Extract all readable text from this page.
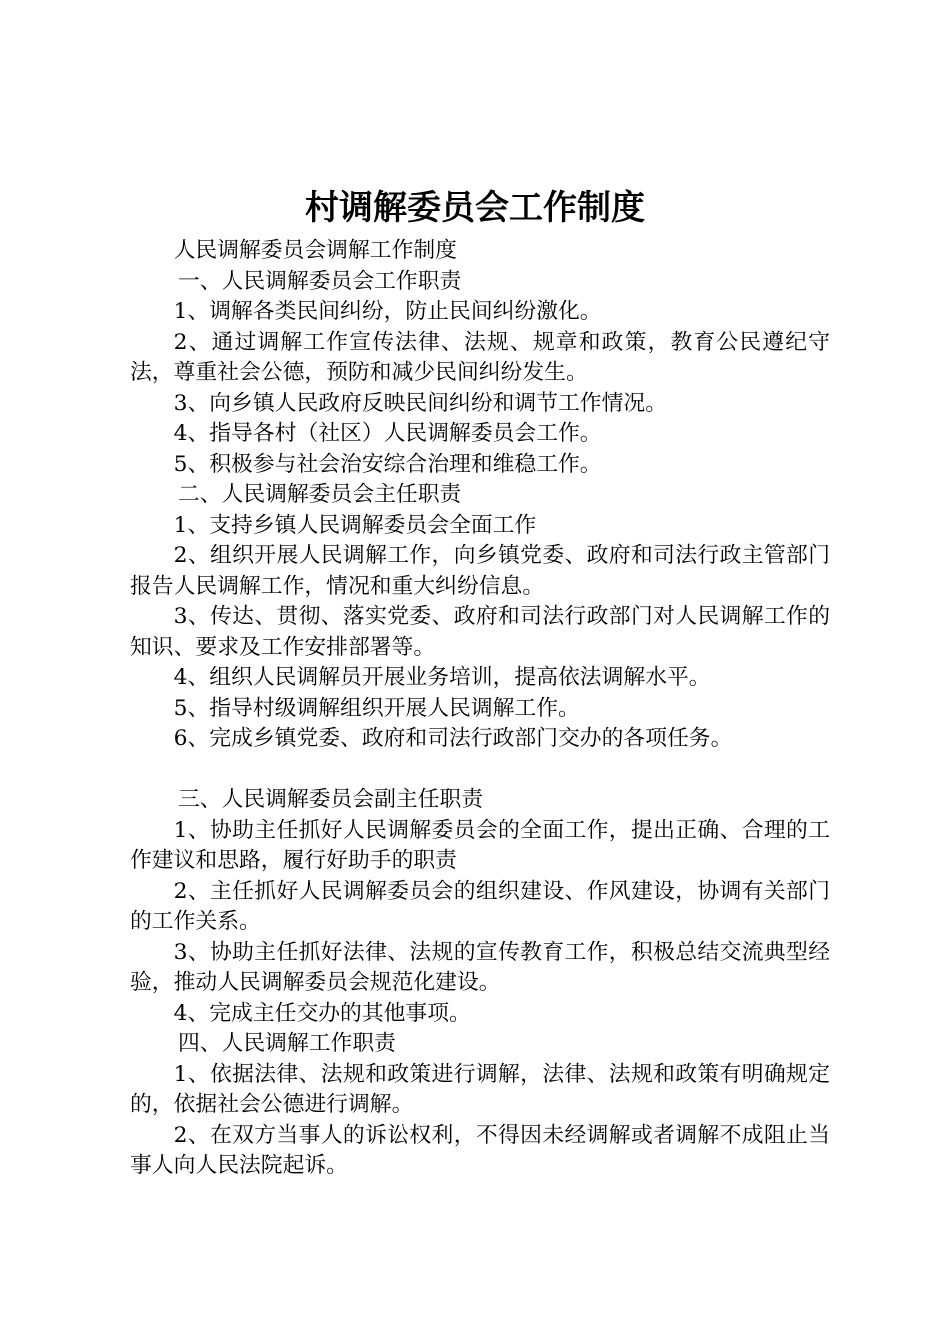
村调解委员会工作制度

人民调解委员会调解工作制度

一、人民调解委员会工作职责

1、调解各类民间纠纷，防止民间纠纷激化。

2、通过调解工作宣传法律、法规、规章和政策，教育公民遵纪守法，尊重社会公德，预防和减少民间纠纷发生。

3、向乡镇人民政府反映民间纠纷和调节工作情况。

4、指导各村（社区）人民调解委员会工作。

5、积极参与社会治安综合治理和维稳工作。

二、人民调解委员会主任职责

1、支持乡镇人民调解委员会全面工作

2、组织开展人民调解工作，向乡镇党委、政府和司法行政主管部门报告人民调解工作，情况和重大纠纷信息。

3、传达、贯彻、落实党委、政府和司法行政部门对人民调解工作的知识、要求及工作安排部署等。

4、组织人民调解员开展业务培训，提高依法调解水平。

5、指导村级调解组织开展人民调解工作。

6、完成乡镇党委、政府和司法行政部门交办的各项任务。

三、人民调解委员会副主任职责

1、协助主任抓好人民调解委员会的全面工作，提出正确、合理的工作建议和思路，履行好助手的职责

2、主任抓好人民调解委员会的组织建设、作风建设，协调有关部门的工作关系。

3、协助主任抓好法律、法规的宣传教育工作，积极总结交流典型经验，推动人民调解委员会规范化建设。

4、完成主任交办的其他事项。

四、人民调解工作职责

1、依据法律、法规和政策进行调解，法律、法规和政策有明确规定的，依据社会公德进行调解。

2、在双方当事人的诉讼权利，不得因未经调解或者调解不成阻止当事人向人民法院起诉。
